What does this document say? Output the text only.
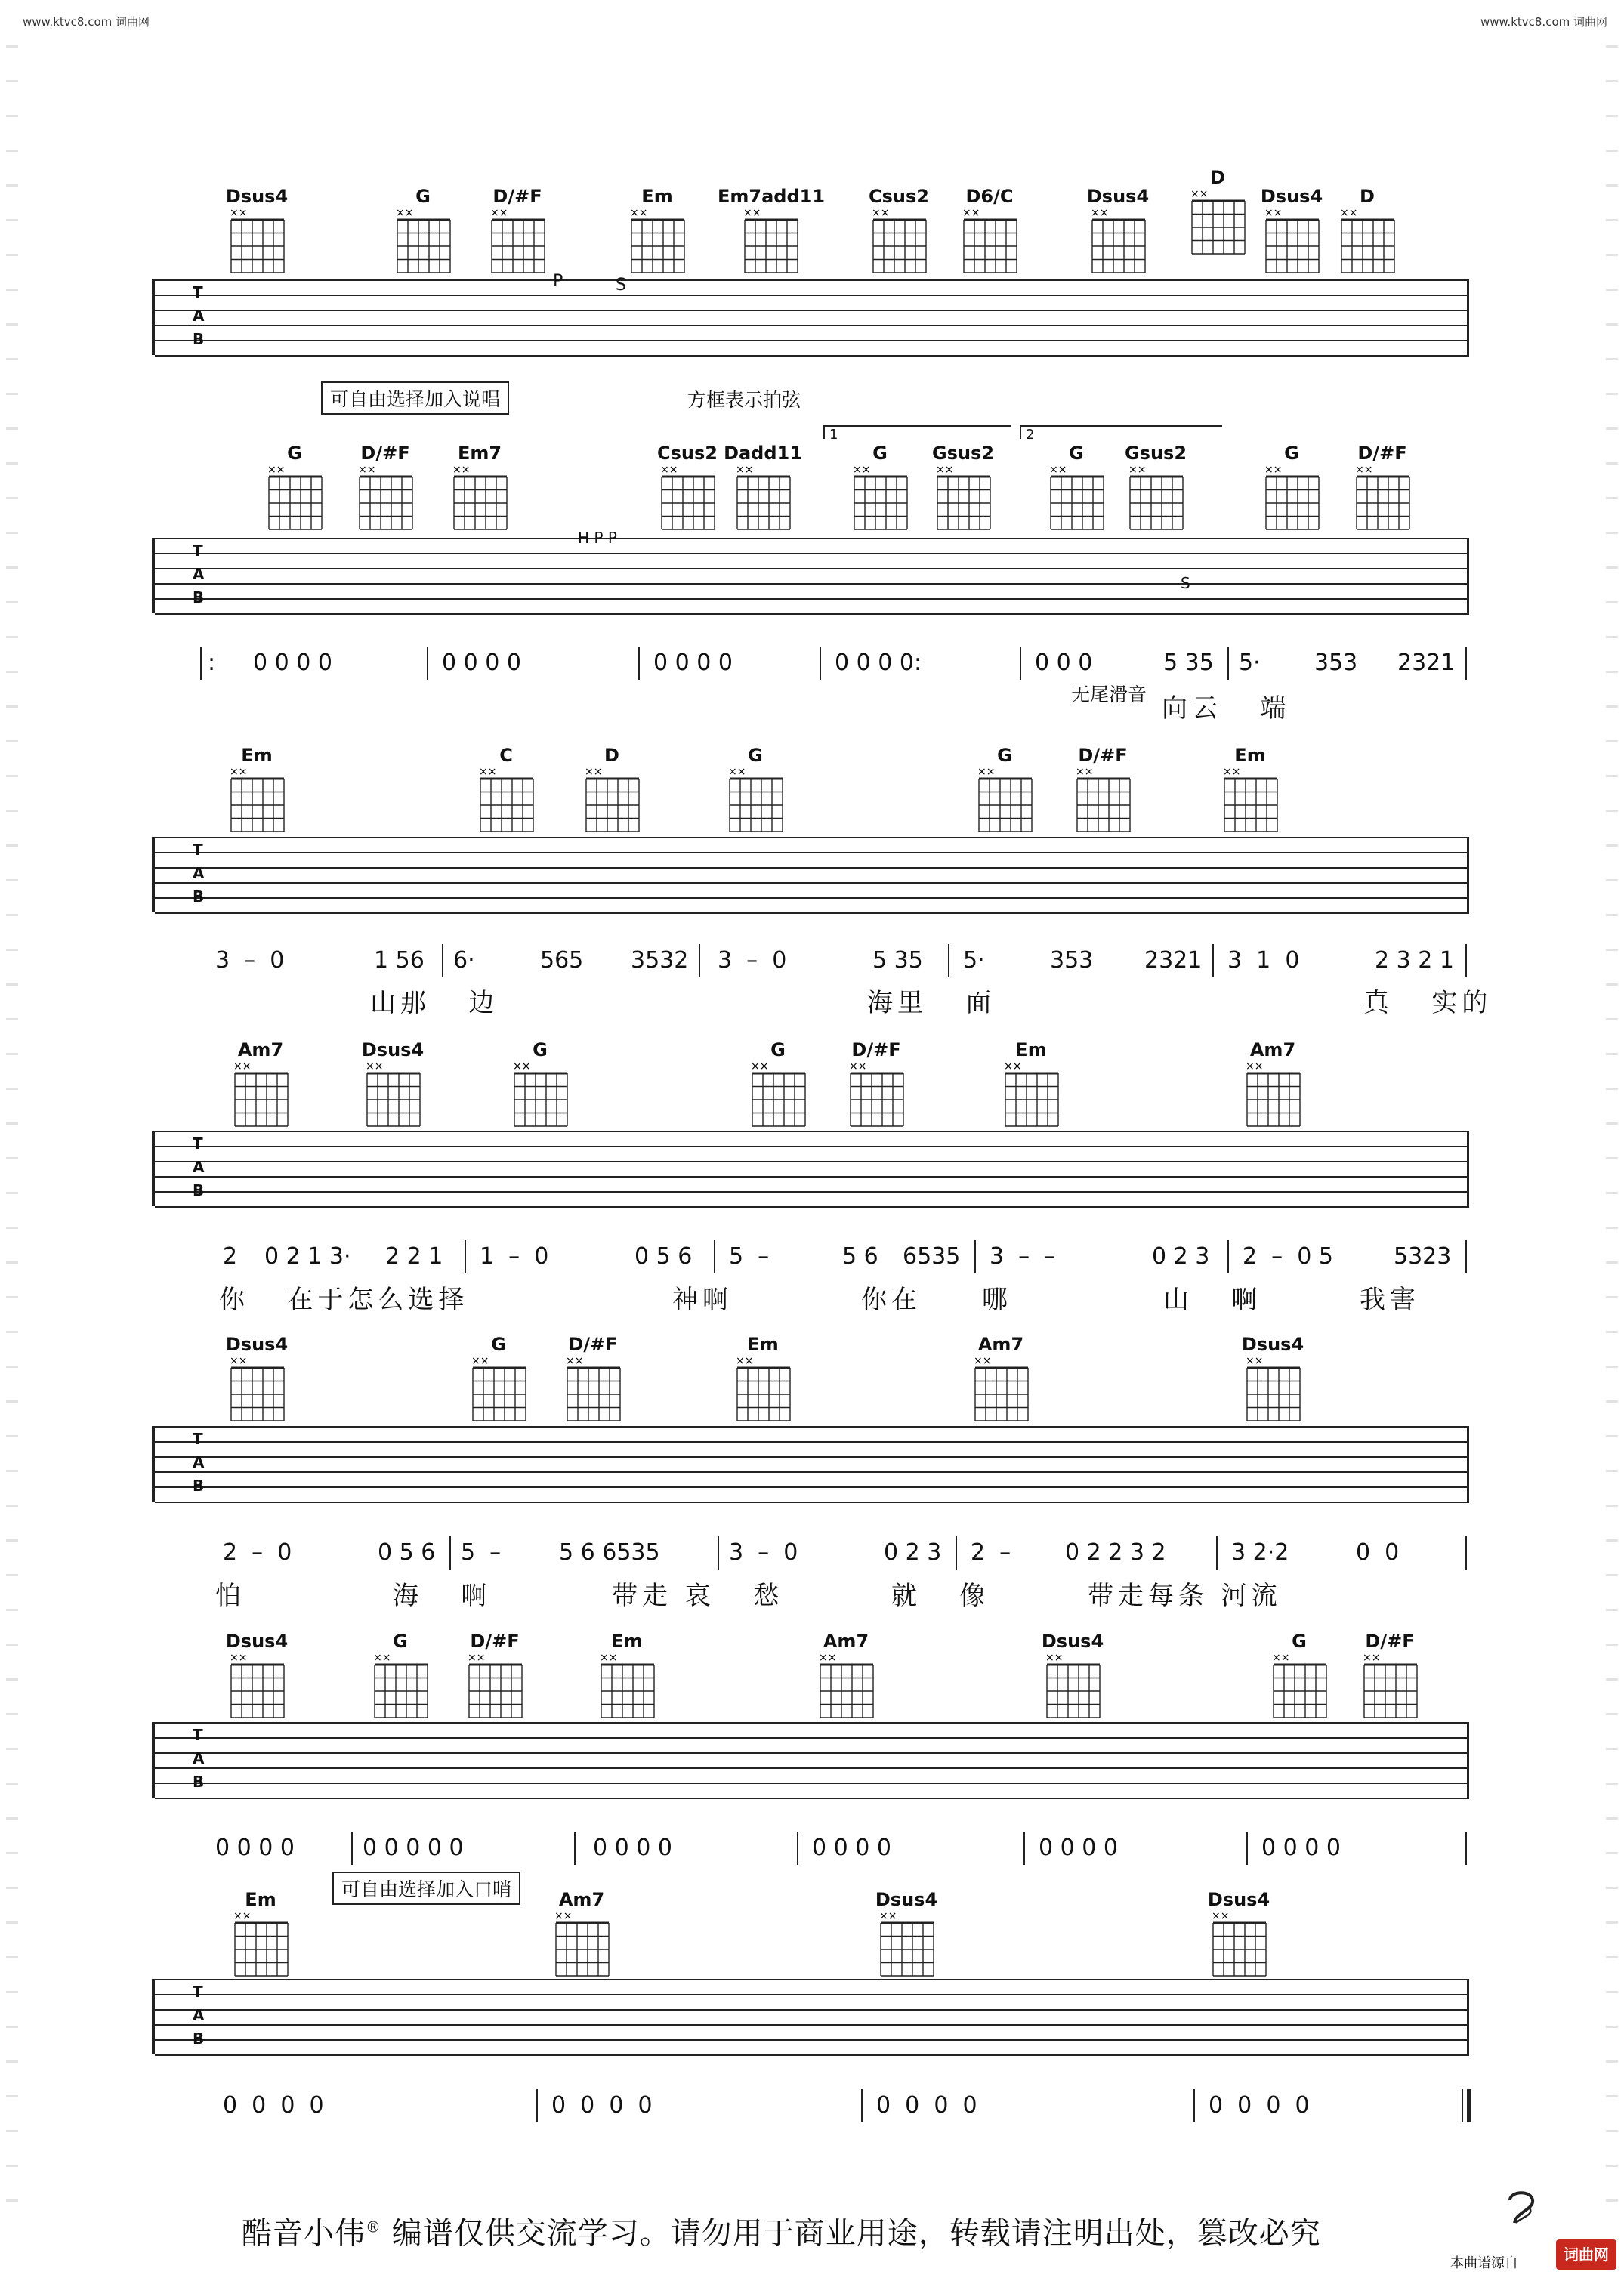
www.ktvc8.com 词曲网	www.ktvc8.com 词曲网
Dsus4
××
G
××
D/#F
××
Em
××
Em7add11
××
Csus2
××
D6/C
××
Dsus4
××
D
××	Dsus4
××
D
××
T
A
B
可自由选择加入说唱	方框表示拍弦
P	S
G
××
D/#F
××
Em7
××
Csus2
××
Dadd11
××
G
××
Gsus2
××
G
××
Gsus2
××
G
××
D/#F
××
1	2
T
A
B
H P P
S
: 0 0 0 0	0 0 0 0	0 0 0 0	0 0 0 0:	0 0 0	5 35 5· 353 2321
无尾滑音 向云   端
Em
××
C
××
D
××
G
××
G
××
D/#F
××
Em
××
T
A
B
3  –  0	1 56 6·	565 3532 3  –  0	5 35 5·	353 2321 3  1  0	2 3 2 1
山那   边	海里   面	真   实的
Am7
××
Dsus4
××
G
××
G
××
D/#F
××
Em
××
Am7
××
T
A
B
2 0 2 1 3· 2 2 1 1  –  0	0 5 6 5  –	5 6 6535 3  –  –	0 2 3 2  –  0 5	5323
你   在于怎么选择	神啊	你在 哪	山   啊	我害
Dsus4
××
G
××
D/#F
××
Em
××
Am7
××
Dsus4
××
T
A
B
2  –  0	0 5 6 5  –	5 6 6535	3  –  0	0 2 3 2  – 0 2 2 3 2	3 2·2	0  0
怕	海   啊	带走 哀   愁	就   像	带走每条 河流
Dsus4
××
G
××
D/#F
××
Em
××
Am7
××
Dsus4
××
G
××
D/#F
××
T
A
B
0 0 0 0	0 0 0 0 0	0 0 0 0	0 0 0 0	0 0 0 0	0 0 0 0
可自由选择加入口哨
Em
××
Am7
××
Dsus4
××
Dsus4
××
T
A
B
0  0  0  0	0  0  0  0	0  0  0  0	0  0  0  0
酷音小伟® 编谱仅供交流学习。请勿用于商业用途，转载请注明出处，篡改必究
本曲谱源自	词曲网
